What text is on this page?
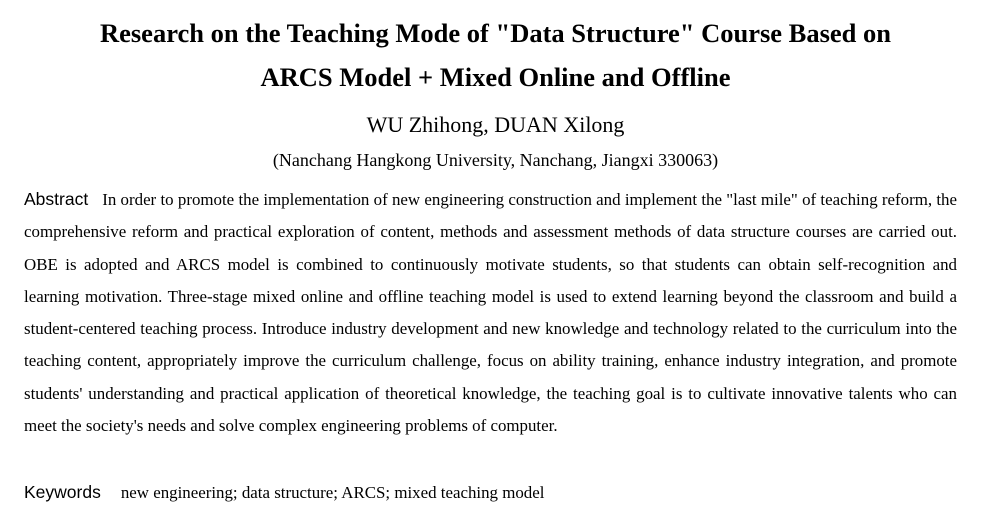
Research on the Teaching Mode of "Data Structure" Course Based on
ARCS Model + Mixed Online and Offline

WU Zhihong, DUAN Xilong

(Nanchang Hangkong University, Nanchang, Jiangxi 330063)

Abstract In order to promote the implementation of new engineering construction and implement the "last mile" of teaching reform, the comprehensive reform and practical exploration of content, methods and assessment methods of data structure courses are carried out. OBE is adopted and ARCS model is combined to continuously motivate students, so that students can obtain self-recognition and learning motivation. Three-stage mixed online and offline teaching model is used to extend learning beyond the classroom and build a student-centered teaching process. Introduce industry development and new knowledge and technology related to the curriculum into the teaching content, appropriately improve the curriculum challenge, focus on ability training, enhance industry integration, and promote students' understanding and practical application of theoretical knowledge, the teaching goal is to cultivate innovative talents who can meet the society's needs and solve complex engineering problems of computer.

Keywords new engineering; data structure; ARCS; mixed teaching model
